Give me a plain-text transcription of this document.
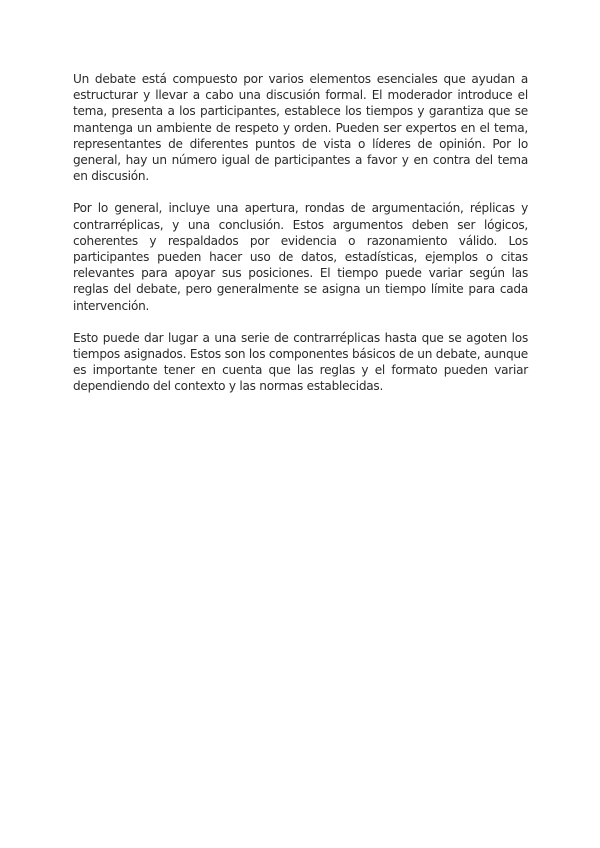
Un debate está compuesto por varios elementos esenciales que ayudan a estructurar y llevar a cabo una discusión formal. El moderador introduce el tema, presenta a los participantes, establece los tiempos y garantiza que se mantenga un ambiente de respeto y orden. Pueden ser expertos en el tema, representantes de diferentes puntos de vista o líderes de opinión. Por lo general, hay un número igual de participantes a favor y en contra del tema en discusión.

Por lo general, incluye una apertura, rondas de argumentación, réplicas y contrarréplicas, y una conclusión. Estos argumentos deben ser lógicos, coherentes y respaldados por evidencia o razonamiento válido. Los participantes pueden hacer uso de datos, estadísticas, ejemplos o citas relevantes para apoyar sus posiciones. El tiempo puede variar según las reglas del debate, pero generalmente se asigna un tiempo límite para cada intervención.

Esto puede dar lugar a una serie de contrarréplicas hasta que se agoten los tiempos asignados. Estos son los componentes básicos de un debate, aunque es importante tener en cuenta que las reglas y el formato pueden variar dependiendo del contexto y las normas establecidas.
